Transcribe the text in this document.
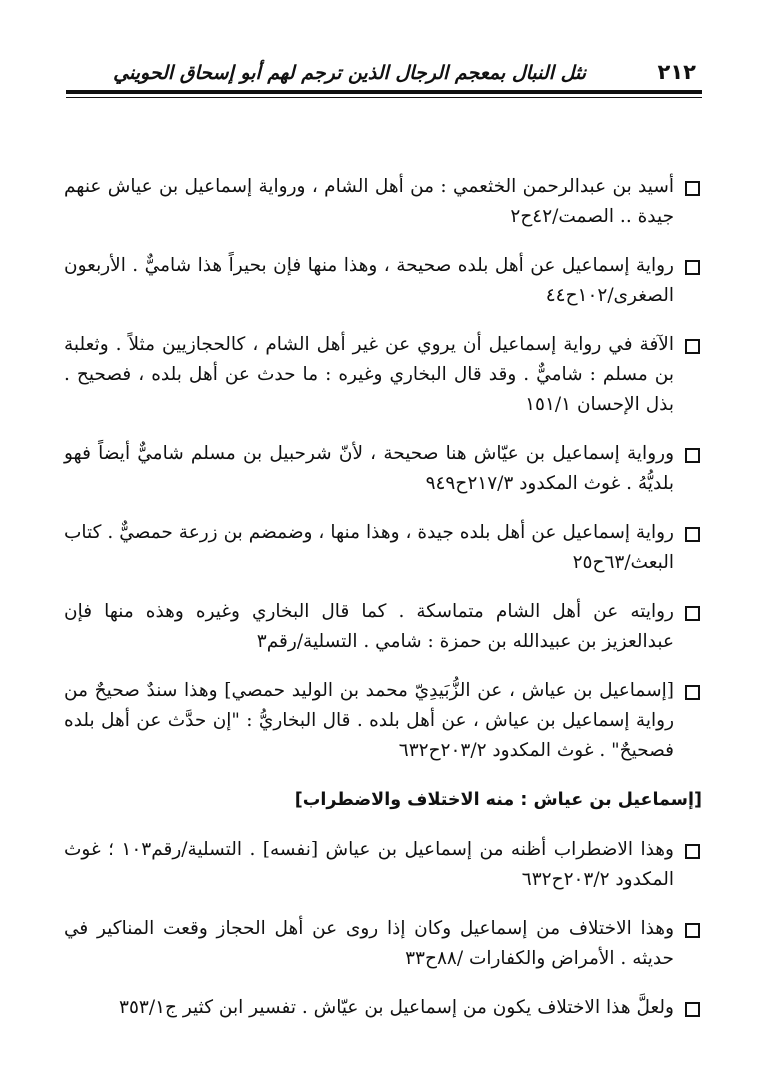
٢١٢
نثل النبال بمعجم الرجال الذين ترجم لهم أبو إسحاق الحويني
أسيد بن عبدالرحمن الخثعمي : من أهل الشام ، ورواية إسماعيل بن عياش عنهم جيدة .. الصمت/٤٢ح٢
رواية إسماعيل عن أهل بلده صحيحة ، وهذا منها فإن بحيراً هذا شاميٌّ . الأربعون الصغرى/١٠٢ح٤٤
الآفة في رواية إسماعيل أن يروي عن غير أهل الشام ، كالحجازيين مثلاً . وثعلبة بن مسلم : شاميٌّ . وقد قال البخاري وغيره : ما حدث عن أهل بلده ، فصحيح . بذل الإحسان ١٥١/١
ورواية إسماعيل بن عيّاش هنا صحيحة ، لأنّ شرحبيل بن مسلم شاميٌّ أيضاً فهو بلديُّهُ . غوث المكدود ٢١٧/٣ح٩٤٩
رواية إسماعيل عن أهل بلده جيدة ، وهذا منها ، وضمضم بن زرعة حمصيٌّ . كتاب البعث/٦٣ح٢٥
روايته عن أهل الشام متماسكة . كما قال البخاري وغيره وهذه منها فإن عبدالعزيز بن عبيدالله بن حمزة : شامي . التسلية/رقم٣
[إسماعيل بن عياش ، عن الزُّبَيدِيّ محمد بن الوليد حمصي] وهذا سندٌ صحيحٌ من رواية إسماعيل بن عياش ، عن أهل بلده . قال البخاريُّ : "إن حدَّث عن أهل بلده فصحيحٌ" . غوث المكدود ٢٠٣/٢ح٦٣٢
[إسماعيل بن عياش : منه الاختلاف والاضطراب]
وهذا الاضطراب أظنه من إسماعيل بن عياش [نفسه] . التسلية/رقم١٠٣ ؛ غوث المكدود ٢٠٣/٢ح٦٣٢
وهذا الاختلاف من إسماعيل وكان إذا روى عن أهل الحجاز وقعت المناكير في حديثه . الأمراض والكفارات /٨٨ح٣٣
ولعلَّ هذا الاختلاف يكون من إسماعيل بن عيّاش . تفسير ابن كثير ج٣٥٣/١
